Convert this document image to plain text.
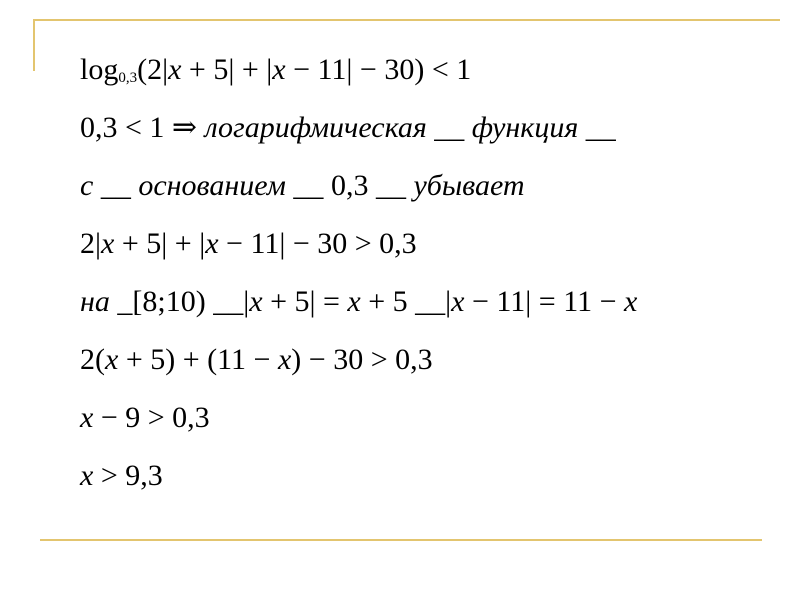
$\log_{0,3}(2|x + 5| + |x - 11| - 30) < 1$
0,3 < 1 ⇒ логарифмическая __ функция __
с __ основанием __ 0,3 __ убывает
2|x + 5| + |x − 11| − 30 > 0,3
на _[8;10) __|x + 5| = x + 5 __|x − 11| = 11 − x
2(x + 5) + (11 − x) − 30 > 0,3
x − 9 > 0,3
x > 9,3
